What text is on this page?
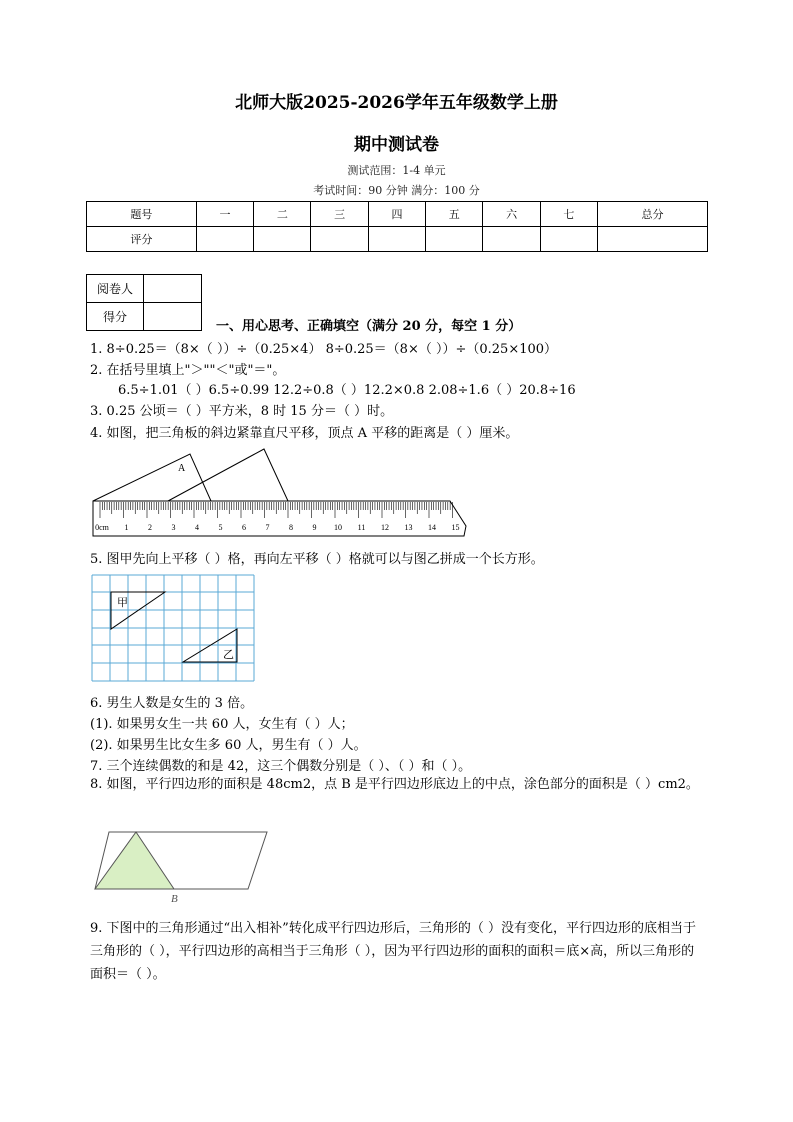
北师大版2025-2026学年五年级数学上册
期中测试卷
测试范围：1-4 单元
考试时间：90 分钟 满分：100 分
题号	一	二	三	四	五	六	七	总分
评分								
阅卷人	
得分	
一、用心思考、正确填空（满分 20 分，每空 1 分）
1. 8÷0.25＝（8×（ ））÷（0.25×4） 8÷0.25＝（8×（ ））÷（0.25×100）
2. 在括号里填上"＞""＜"或"＝"。
6.5÷1.01（ ）6.5÷0.99 12.2÷0.8（ ）12.2×0.8 2.08÷1.6（ ）20.8÷16
3. 0.25 公顷＝（ ）平方米，8 时 15 分＝（ ）时。
4. 如图，把三角板的斜边紧靠直尺平移，顶点 A 平移的距离是（ ）厘米。
A
0cm 1 2 3 4 5 6 7 8 9 10 11 12 13 14 15
5. 图甲先向上平移（ ）格，再向左平移（ ）格就可以与图乙拼成一个长方形。
甲
乙
6. 男生人数是女生的 3 倍。
(1). 如果男女生一共 60 人，女生有（ ）人；
(2). 如果男生比女生多 60 人，男生有（ ）人。
7. 三个连续偶数的和是 42，这三个偶数分别是（ ）、（ ）和（ ）。
8. 如图，平行四边形的面积是 48cm2，点 B 是平行四边形底边上的中点，涂色部分的面积是（ ）cm2。
B
9. 下图中的三角形通过“出入相补”转化成平行四边形后，三角形的（ ）没有变化，平行四边形的底相当于三角形的（ ），平行四边形的高相当于三角形（ ），因为平行四边形的面积的面积＝底×高，所以三角形的面积＝（ ）。
